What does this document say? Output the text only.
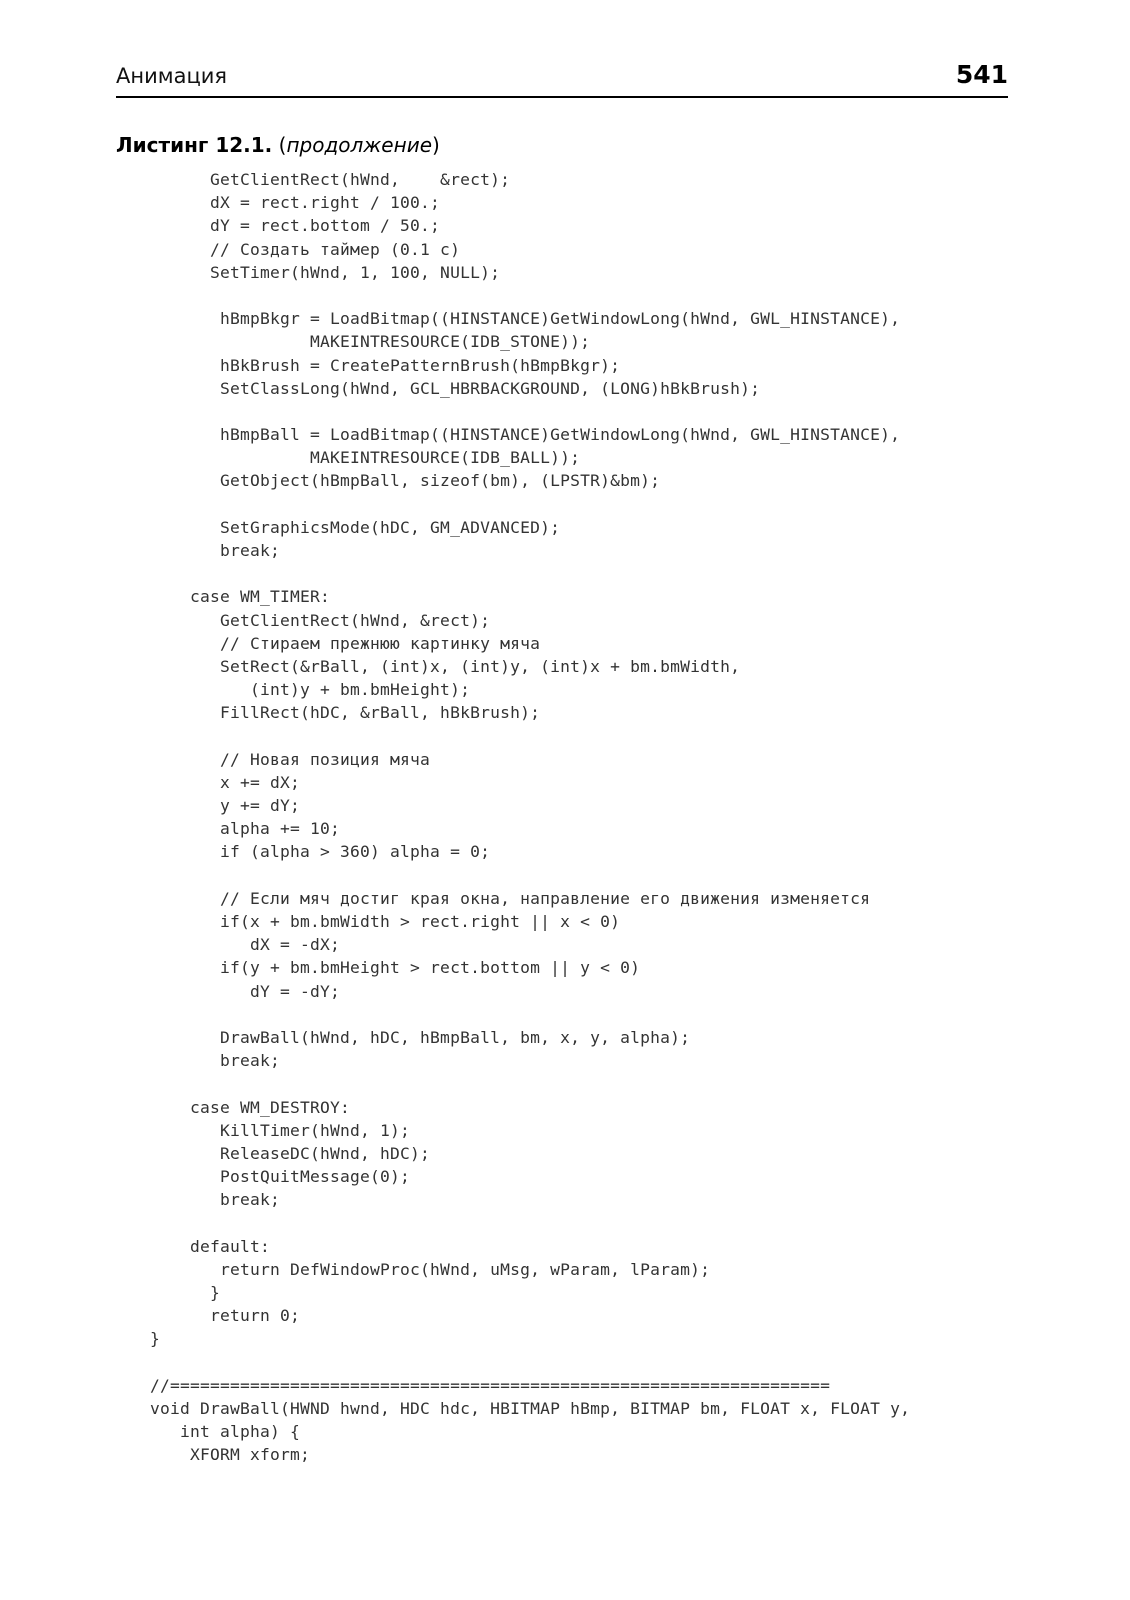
Анимация	541
Листинг 12.1. (продолжение)
GetClientRect(hWnd,    &rect);
dX = rect.right / 100.;
dY = rect.bottom / 50.;
// Создать таймер (0.1 с)
SetTimer(hWnd, 1, 100, NULL);
hBmpBkgr = LoadBitmap((HINSTANCE)GetWindowLong(hWnd, GWL_HINSTANCE),
MAKEINTRESOURCE(IDB_STONE));
hBkBrush = CreatePatternBrush(hBmpBkgr);
SetClassLong(hWnd, GCL_HBRBACKGROUND, (LONG)hBkBrush);
hBmpBall = LoadBitmap((HINSTANCE)GetWindowLong(hWnd, GWL_HINSTANCE),
MAKEINTRESOURCE(IDB_BALL));
GetObject(hBmpBall, sizeof(bm), (LPSTR)&bm);
SetGraphicsMode(hDC, GM_ADVANCED);
break;
case WM_TIMER:
GetClientRect(hWnd, &rect);
// Стираем прежнюю картинку мяча
SetRect(&rBall, (int)x, (int)y, (int)x + bm.bmWidth,
(int)y + bm.bmHeight);
FillRect(hDC, &rBall, hBkBrush);
// Новая позиция мяча
x += dX;
y += dY;
alpha += 10;
if (alpha > 360) alpha = 0;
// Если мяч достиг края окна, направление его движения изменяется
if(x + bm.bmWidth > rect.right || x < 0)
dX = -dX;
if(y + bm.bmHeight > rect.bottom || y < 0)
dY = -dY;
DrawBall(hWnd, hDC, hBmpBall, bm, x, y, alpha);
break;
case WM_DESTROY:
KillTimer(hWnd, 1);
ReleaseDC(hWnd, hDC);
PostQuitMessage(0);
break;
default:
return DefWindowProc(hWnd, uMsg, wParam, lParam);
}
return 0;
}
//==================================================================
void DrawBall(HWND hwnd, HDC hdc, HBITMAP hBmp, BITMAP bm, FLOAT x, FLOAT y,
int alpha) {
XFORM xform;
